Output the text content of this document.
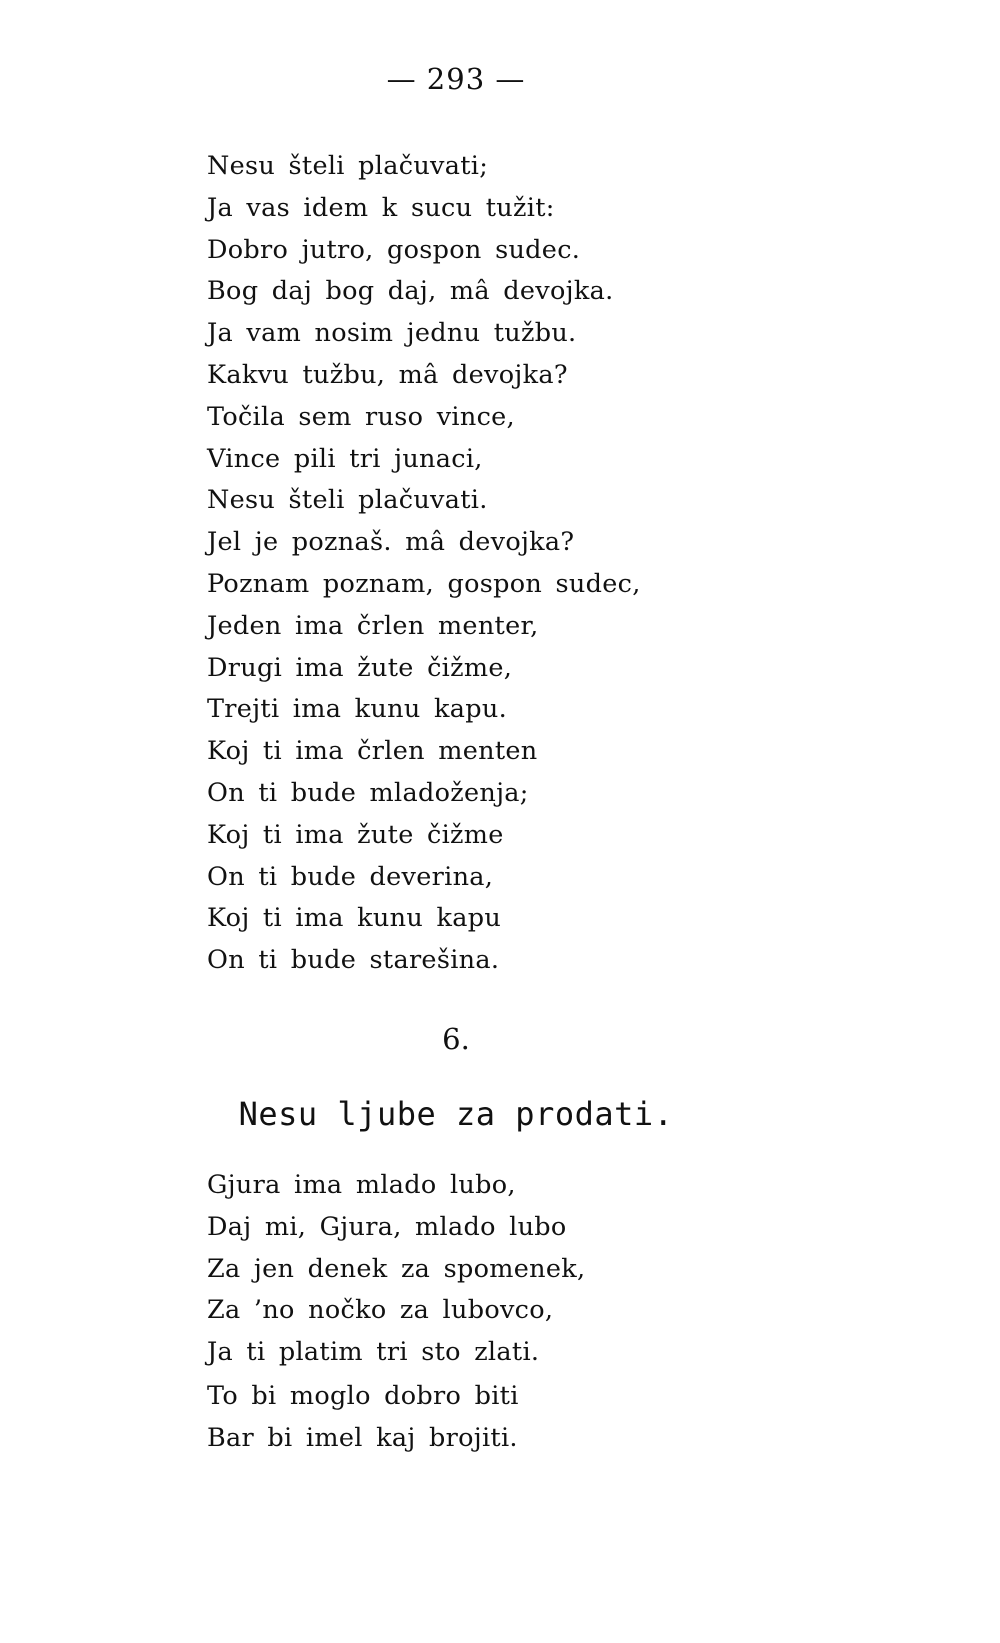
— 293 —
Nesu šteli plačuvati;
Ja vas idem k sucu tužit:
Dobro jutro, gospon sudec.
Bog daj bog daj, mâ devojka.
Ja vam nosim jednu tužbu.
Kakvu tužbu, mâ devojka?
Točila sem ruso vince,
Vince pili tri junaci,
Nesu šteli plačuvati.
Jel je poznaš. mâ devojka?
Poznam poznam, gospon sudec,
Jeden ima črlen menter,
Drugi ima žute čižme,
Trejti ima kunu kapu.
Koj ti ima črlen menten
On ti bude mladoženja;
Koj ti ima žute čižme
On ti bude deverina,
Koj ti ima kunu kapu
On ti bude starešina.
6.
Nesu ljube za prodati.
Gjura ima mlado lubo,
Daj mi, Gjura, mlado lubo
Za jen denek za spomenek,
Za ’no nočko za lubovco,
Ja ti platim tri sto zlati.
To bi moglo dobro biti
Bar bi imel kaj brojiti.
